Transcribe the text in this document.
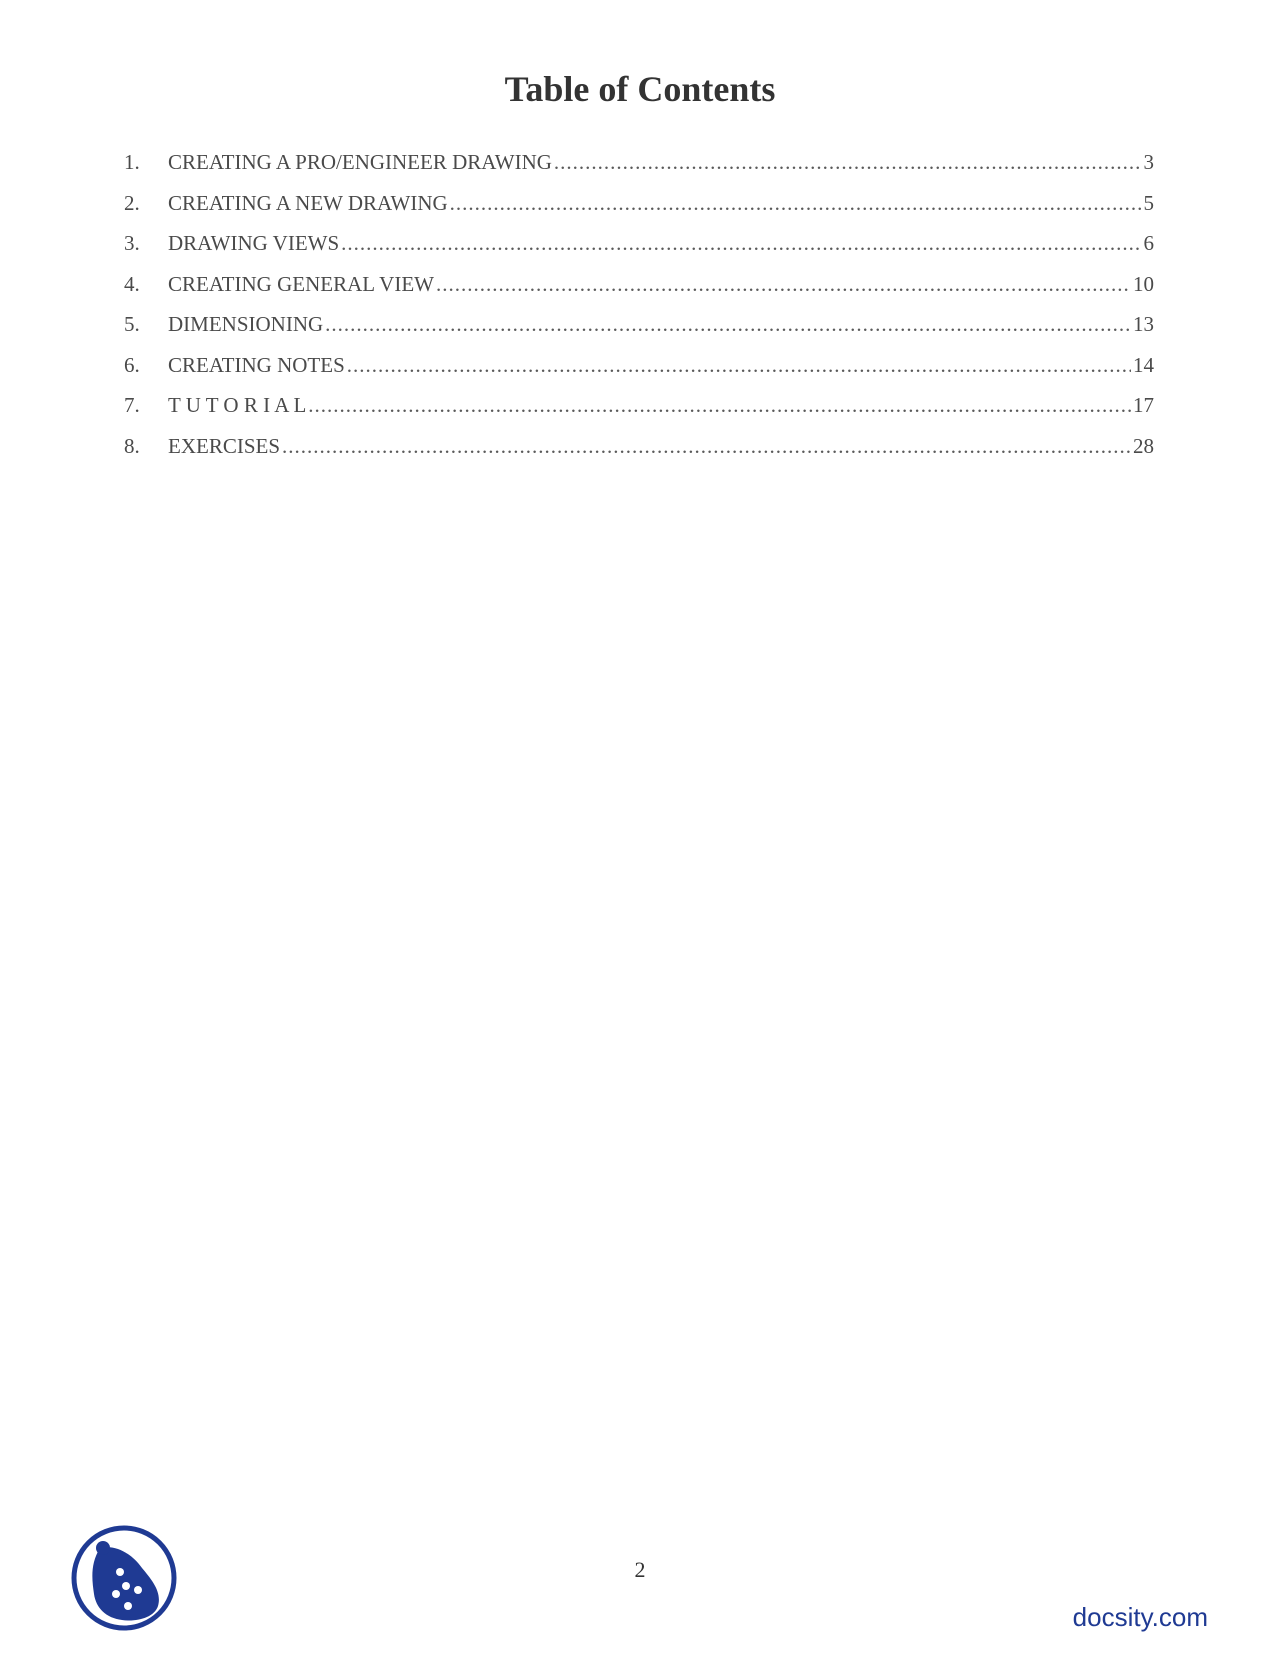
Table of Contents
1.	CREATING A PRO/ENGINEER DRAWING .....	3
2.	CREATING A NEW DRAWING .....	5
3.	DRAWING VIEWS .....	6
4.	CREATING GENERAL VIEW .....	10
5.	DIMENSIONING .....	13
6.	CREATING NOTES .....	14
7.	T U T O R I A L .....	17
8.	EXERCISES .....	28
2
docsity.com
